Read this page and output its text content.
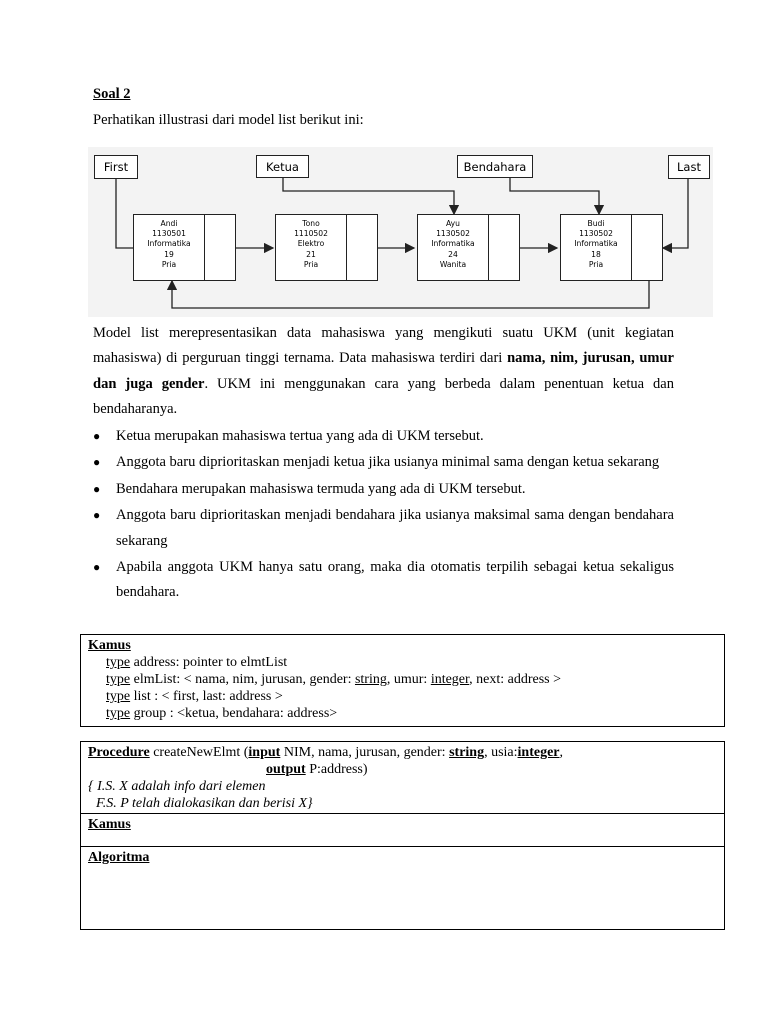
Soal 2
Perhatikan illustrasi dari model list berikut ini:
First	Ketua	Bendahara	Last
Andi
1130501
Informatika
19
Pria
Tono
1110502
Elektro
21
Pria
Ayu
1130502
Informatika
24
Wanita
Budi
1130502
Informatika
18
Pria
Model list merepresentasikan data mahasiswa yang mengikuti suatu UKM (unit kegiatan mahasiswa) di perguruan tinggi ternama. Data mahasiswa terdiri dari nama, nim, jurusan, umur dan juga gender. UKM ini menggunakan cara yang berbeda dalam penentuan ketua dan bendaharanya.
● Ketua merupakan mahasiswa tertua yang ada di UKM tersebut.
● Anggota baru diprioritaskan menjadi ketua jika usianya minimal sama dengan ketua sekarang
● Bendahara merupakan mahasiswa termuda yang ada di UKM tersebut.
● Anggota baru diprioritaskan menjadi bendahara jika usianya maksimal sama dengan bendahara sekarang
● Apabila anggota UKM hanya satu orang, maka dia otomatis terpilih sebagai ketua sekaligus bendahara.
Kamus
type address: pointer to elmtList
type elmList: < nama, nim, jurusan, gender: string, umur: integer, next: address >
type list : < first, last: address >
type group : <ketua, bendahara: address>
Procedure createNewElmt (input NIM, nama, jurusan, gender: string, usia:integer,
output P:address)
{ I.S. X adalah info dari elemen
F.S. P telah dialokasikan dan berisi X}
Kamus
Algoritma
